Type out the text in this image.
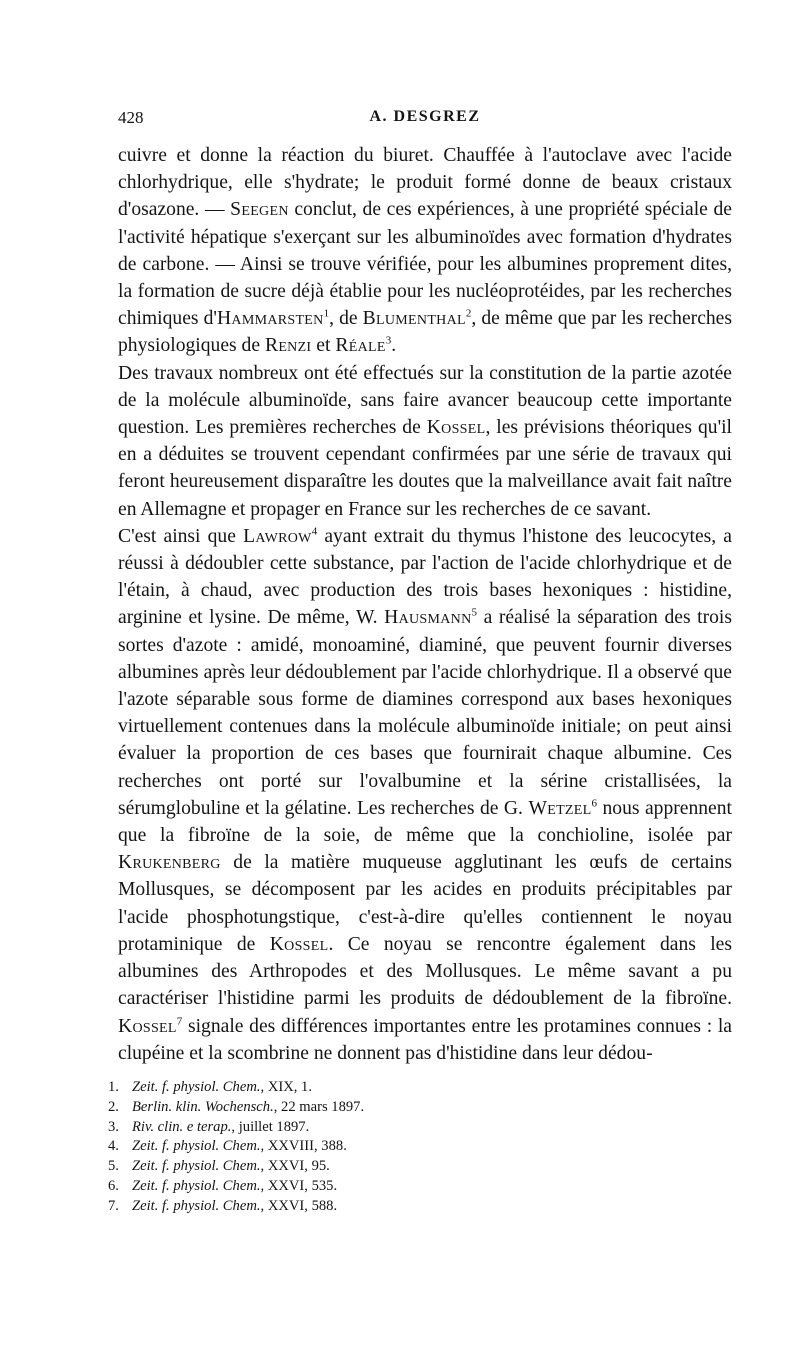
428	A. DESGREZ

cuivre et donne la réaction du biuret. Chauffée à l'autoclave avec l'acide chlorhydrique, elle s'hydrate; le produit formé donne de beaux cristaux d'osazone. — Seegen conclut, de ces expériences, à une propriété spéciale de l'activité hépatique s'exerçant sur les albuminoïdes avec formation d'hydrates de carbone. — Ainsi se trouve vérifiée, pour les albumines proprement dites, la formation de sucre déjà établie pour les nucléoprotéides, par les recherches chimiques d'Hammarsten$^1$, de Blumenthal$^2$, de même que par les recherches physiologiques de Renzi et Réale$^3$.

Des travaux nombreux ont été effectués sur la constitution de la partie azotée de la molécule albuminoïde, sans faire avancer beaucoup cette importante question. Les premières recherches de Kossel, les prévisions théoriques qu'il en a déduites se trouvent cependant confirmées par une série de travaux qui feront heureusement disparaître les doutes que la malveillance avait fait naître en Allemagne et propager en France sur les recherches de ce savant.

C'est ainsi que Lawrow$^4$ ayant extrait du thymus l'histone des leucocytes, a réussi à dédoubler cette substance, par l'action de l'acide chlorhydrique et de l'étain, à chaud, avec production des trois bases hexoniques : histidine, arginine et lysine. De même, W. Hausmann$^5$ a réalisé la séparation des trois sortes d'azote : amidé, monoaminé, diaminé, que peuvent fournir diverses albumines après leur dédoublement par l'acide chlorhydrique. Il a observé que l'azote séparable sous forme de diamines correspond aux bases hexoniques virtuellement contenues dans la molécule albuminoïde initiale; on peut ainsi évaluer la proportion de ces bases que fournirait chaque albumine. Ces recherches ont porté sur l'ovalbumine et la sérine cristallisées, la sérumglobuline et la gélatine. Les recherches de G. Wetzel$^6$ nous apprennent que la fibroïne de la soie, de même que la conchioline, isolée par Krukenberg de la matière muqueuse agglutinant les œufs de certains Mollusques, se décomposent par les acides en produits précipitables par l'acide phosphotungstique, c'est-à-dire qu'elles contiennent le noyau protaminique de Kossel. Ce noyau se rencontre également dans les albumines des Arthropodes et des Mollusques. Le même savant a pu caractériser l'histidine parmi les produits de dédoublement de la fibroïne. Kossel$^7$ signale des différences importantes entre les protamines connues : la clupéine et la scombrine ne donnent pas d'histidine dans leur dédou-

1. Zeit. f. physiol. Chem., XIX, 1.
2. Berlin. klin. Wochensch., 22 mars 1897.
3. Riv. clin. e terap., juillet 1897.
4. Zeit. f. physiol. Chem., XXVIII, 388.
5. Zeit. f. physiol. Chem., XXVI, 95.
6. Zeit. f. physiol. Chem., XXVI, 535.
7. Zeit. f. physiol. Chem., XXVI, 588.
